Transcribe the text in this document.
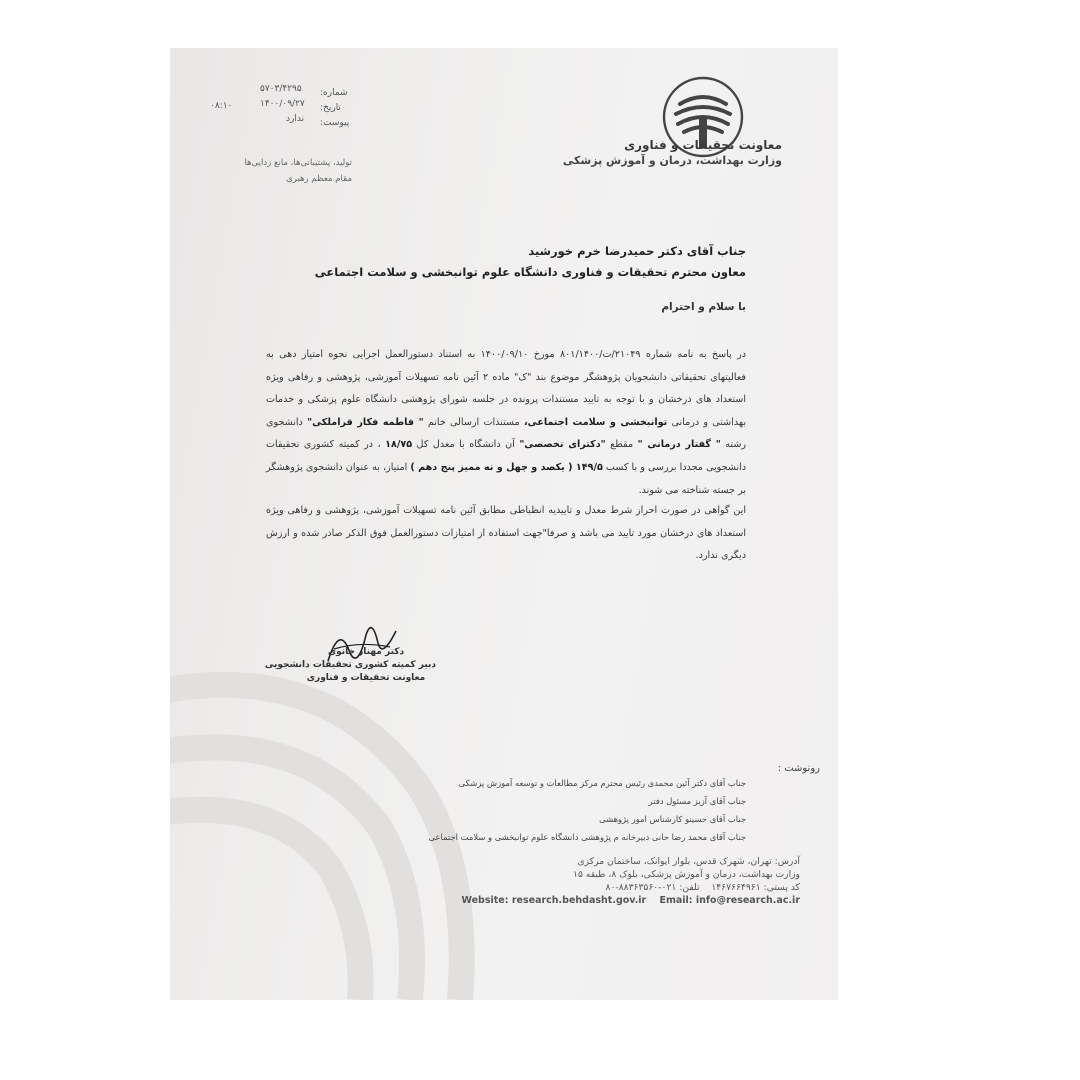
معاونت تحقیقات و فناوری
وزارت بهداشت، درمان و آموزش پزشکی
شماره:
۵۷۰۳/۴۲۹۵
تاریخ:
۱۴۰۰/۰۹/۲۷
۰۸:۱۰
پیوست:
ندارد
تولید، پشتیبانی‌ها، مانع زدایی‌ها
مقام معظم رهبری
جناب آقای دکتر حمیدرضا خرم خورشید
معاون محترم تحقیقات و فناوری دانشگاه علوم توانبخشی و سلامت اجتماعی
با سلام و احترام
در پاسخ به نامه شماره ۲۱۰۴۹/ت/۸۰۱/۱۴۰۰ مورخ ۱۴۰۰/۰۹/۱۰ به استناد دستورالعمل اجرایی نحوه امتیاز دهی به فعالیتهای تحقیقاتی دانشجویان پژوهشگر موضوع بند "ک" ماده ۲ آئین نامه تسهیلات آموزشی، پژوهشی و رفاهی ویژه استعداد های درخشان و با توجه به تایید مستندات پرونده در جلسه شورای پژوهشی دانشگاه علوم پزشکی و خدمات بهداشتی و درمانی توانبخشی و سلامت اجتماعی، مستندات ارسالی خانم " فاطمه فکار قراملکی" دانشجوی رشته " گفتار درمانی " مقطع "دکترای تخصصی" آن دانشگاه با معدل کل ۱۸/۷۵ ، در کمیته کشوری تحقیقات دانشجویی مجددا بررسی و با کسب ۱۴۹/۵ ( یکصد و چهل و نه ممیز پنج دهم ) امتیاز، به عنوان دانشجوی پژوهشگر بر جسته شناخته می شوند.
این گواهی در صورت احراز شرط معدل و تاییدیه انظباطی مطابق آئین نامه تسهیلات آموزشی، پژوهشی و رفاهی ویژه استعداد های درخشان مورد تایید می باشد و صرفا"جهت استفاده از امتیازات دستورالعمل فوق الذکر صادر شده و ارزش دیگری ندارد.
دکتر مهناز خانوی
دبیر کمیته کشوری تحقیقات دانشجویی
معاونت تحقیقات و فناوری
رونوشت :
جناب آقای دکتر آئین محمدی رئیس محترم مرکز مطالعات و توسعه آموزش پزشکی
جناب آقای آزیز مسئول دفتر
جناب آقای حسینو کارشناس امور پژوهشی
جناب آقای محمد رضا حانی دبیرخانه م پژوهشی دانشگاه علوم توانبخشی و سلامت اجتماعی
آدرس: تهران، شهرک قدس، بلوار ایوانک، ساختمان مرکزی
وزارت بهداشت، درمان و آموزش پزشکی، بلوک ۸، طبقه ۱۵
کد پستی: ۱۴۶۷۶۶۴۹۶۱    تلفن: ۰۲۱-۸۸۳۶۳۵۶۰-۸۰
Website: research.behdasht.gov.ir Email: info@research.ac.ir
